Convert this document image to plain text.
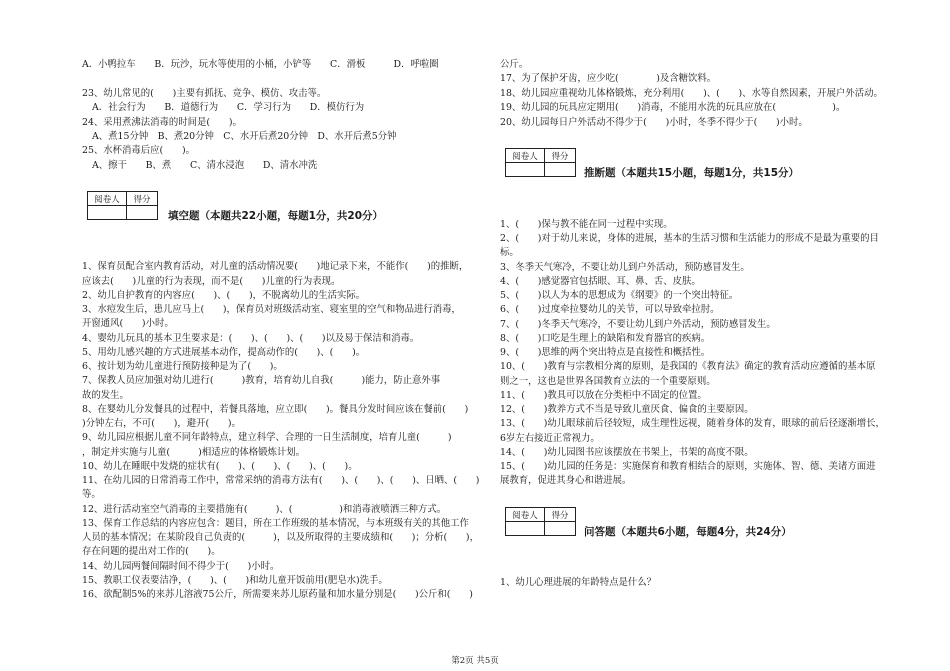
A．小鸭拉车　　B．玩沙，玩水等使用的小桶，小铲等　　C．滑板　　　D．呼啦圈
23、幼儿常见的(　　)主要有抓抚、竞争、模仿、攻击等。
A．社会行为　　B．道德行为　　C．学习行为　　D．模仿行为
24、采用煮沸法消毒的时间是(　　)。
A、煮15分钟　B、煮20分钟　C、水开后煮20分钟　D、水开后煮5分钟
25、水杯消毒后应(　　)。
A、擦干　　B、煮　　C、清水浸泡　　D、清水冲洗
阅卷人	得分

填空题（本题共22小题，每题1分，共20分）
1、保育员配合室内教育活动，对儿童的活动情况要(　　)地记录下来，不能作(　　)的推断，
应该去(　　)儿童的行为表现，而不是(　　)儿童的行为表现。
2、幼儿自护教育的内容应(　　)、(　　)，不脱离幼儿的生活实际。
3、水痘发生后，患儿应马上(　　)，保育员对班级活动室、寝室里的空气和物品进行消毒，
开窗通风(　　)小时。
4、婴幼儿玩具的基本卫生要求是：(　　)、(　　)、(　　)以及易于保洁和消毒。
5、用幼儿感兴趣的方式进展基本动作，提高动作的(　　)、(　　)。
6、按计划为幼儿童进行预防接种是为了(　　)。
7、保教人员应加强对幼儿进行(　　　)教育，培育幼儿自我(　　　)能力，防止意外事
故的发生。
8、在婴幼儿分发餐具的过程中，若餐具落地，应立即(　　)。餐具分发时间应该在餐前(　　)
)分钟左右，不可(　　)，避开(　　)。
9、幼儿园应根据儿童不同年龄特点，建立科学、合理的一日生活制度，培育儿童(　　　)
，制定并实施与儿童(　　　)相适应的体格锻炼计划。
10、幼儿在睡眠中发烧的症状有(　　)、(　　)、(　　)、(　　)。
11、在幼儿园的日常消毒工作中，常常采纳的消毒方法有(　　)、(　　)、(　　)、日晒、(　　)
等。
12、进行活动室空气消毒的主要措施有(　　　)、(　　　　　)和消毒液喷洒三种方式。
13、保育工作总结的内容应包含：题目，所在工作班级的基本情况，与本班级有关的其他工作
人员的基本情况；在某阶段自己负责的(　　　)，以及所取得的主要成绩和(　　)；分析(　　)，
存在问题的提出对工作的(　　)。
14、幼儿园两餐间隔时间不得少于(　　)小时。
15、教职工仪表要洁净，(　　)、(　　)和幼儿童开饭前用(肥皂水)洗手。
16、欲配制5%的来苏儿溶液75公斤，所需要来苏儿原药量和加水量分别是(　　)公斤和(　　)
公斤。
17、为了保护牙齿，应少吃(　　　　)及含糖饮料。
18、幼儿园应重视幼儿体格锻炼，充分利用(　　)、(　　)、水等自然因素，开展户外活动。
19、幼儿园的玩具应定期用(　　)消毒，不能用水洗的玩具应放在(　　　　　　)。
20、幼儿园每日户外活动不得少于(　　)小时，冬季不得少于(　　)小时。
阅卷人	得分

推断题（本题共15小题，每题1分，共15分）
1、(　　)保与教不能在同一过程中实现。
2、(　　)对于幼儿来说，身体的进展，基本的生活习惯和生活能力的形成不是最为重要的目
标。
3、冬季天气寒冷，不要让幼儿到户外活动，预防感冒发生。
4、(　　)感觉器官包括眼、耳、鼻、舌、皮肤。
5、(　　)以人为本的思想成为《纲要》的一个突出特征。
6、(　　)过度牵拉婴幼儿的关节，可以导致牵拉肘。
7、(　　)冬季天气寒冷，不要让幼儿到户外活动，预防感冒发生。
8、(　　)口吃是生理上的缺陷和发育器官的疾病。
9、(　　)思维的两个突出特点是直接性和概括性。
10、(　　)教育与宗教相分离的原则，是我国的《教育法》确定的教育活动应遵循的基本原
则之一，这也是世界各国教育立法的一个重要原则。
11、(　　)教具可以放在分类柜中不固定的位置。
12、(　　)教养方式不当是导致儿童厌食、偏食的主要原因。
13、(　　)幼儿眼球前后径较短，成生理性远视，随着身体的发育，眼球的前后径逐渐增长，
6岁左右接近正常视力。
14、(　　)幼儿园图书应该摆放在书架上，书架的高度不限。
15、(　　)幼儿园的任务是：实施保育和教育相结合的原则，实施体、智、德、美诸方面进
展教育，促进其身心和谐进展。
阅卷人	得分

问答题（本题共6小题，每题4分，共24分）
1、幼儿心理进展的年龄特点是什么？
第2页 共5页
